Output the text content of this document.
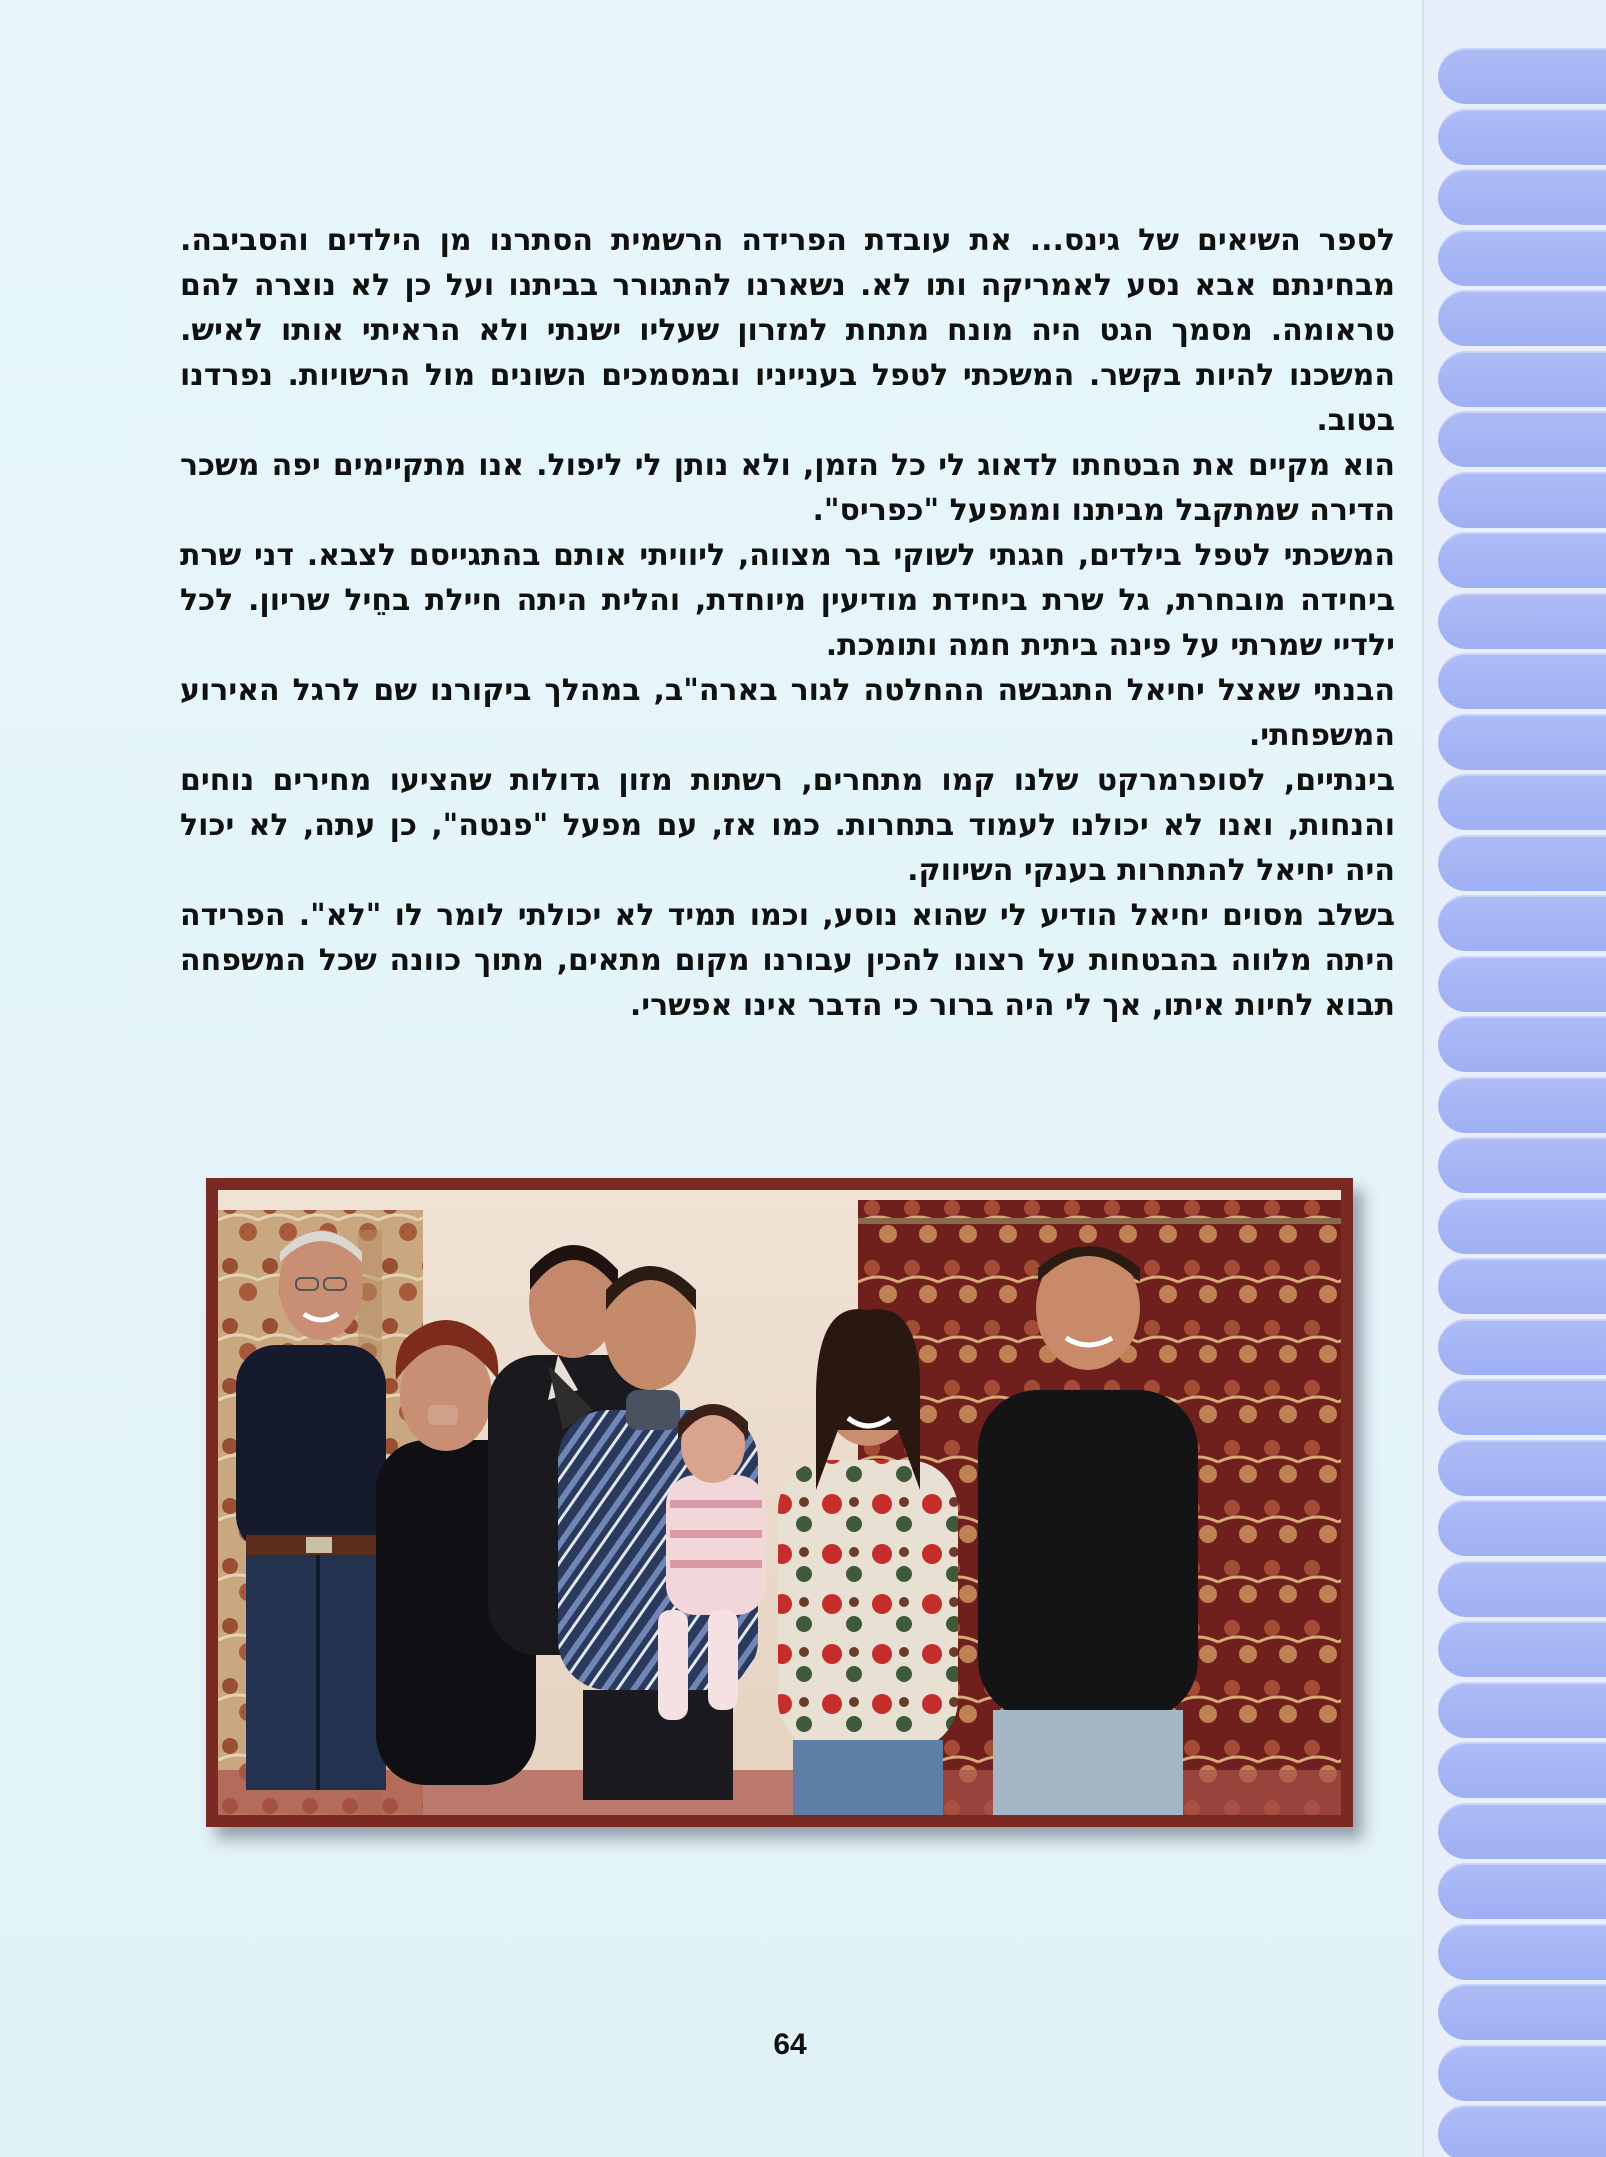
לספר השיאים של גינס... את עובדת הפרידה הרשמית הסתרנו מן הילדים והסביבה. מבחינתם אבא נסע לאמריקה ותו לא. נשארנו להתגורר בביתנו ועל כן לא נוצרה להם טראומה. מסמך הגט היה מונח מתחת למזרון שעליו ישנתי ולא הראיתי אותו לאיש. המשכנו להיות בקשר. המשכתי לטפל בענייניו ובמסמכים השונים מול הרשויות. נפרדנו בטוב.

הוא מקיים את הבטחתו לדאוג לי כל הזמן, ולא נותן לי ליפול. אנו מתקיימים יפה משכר הדירה שמתקבל מביתנו וממפעל "כפריס".

המשכתי לטפל בילדים, חגגתי לשוקי בר מצווה, ליוויתי אותם בהתגייסם לצבא. דני שרת ביחידה מובחרת, גל שרת ביחידת מודיעין מיוחדת, והלית היתה חיילת בחֵיל שריון. לכל ילדיי שמרתי על פינה ביתית חמה ותומכת.

הבנתי שאצל יחיאל התגבשה ההחלטה לגור בארה"ב, במהלך ביקורנו שם לרגל האירוע המשפחתי.

בינתיים, לסופרמרקט שלנו קמו מתחרים, רשתות מזון גדולות שהציעו מחירים נוחים והנחות, ואנו לא יכולנו לעמוד בתחרות. כמו אז, עם מפעל "פנטה", כן עתה, לא יכול היה יחיאל להתחרות בענקי השיווק.

בשלב מסוים יחיאל הודיע לי שהוא נוסע, וכמו תמיד לא יכולתי לומר לו "לא". הפרידה היתה מלווה בהבטחות על רצונו להכין עבורנו מקום מתאים, מתוך כוונה שכל המשפחה תבוא לחיות איתו, אך לי היה ברור כי הדבר אינו אפשרי.

64
